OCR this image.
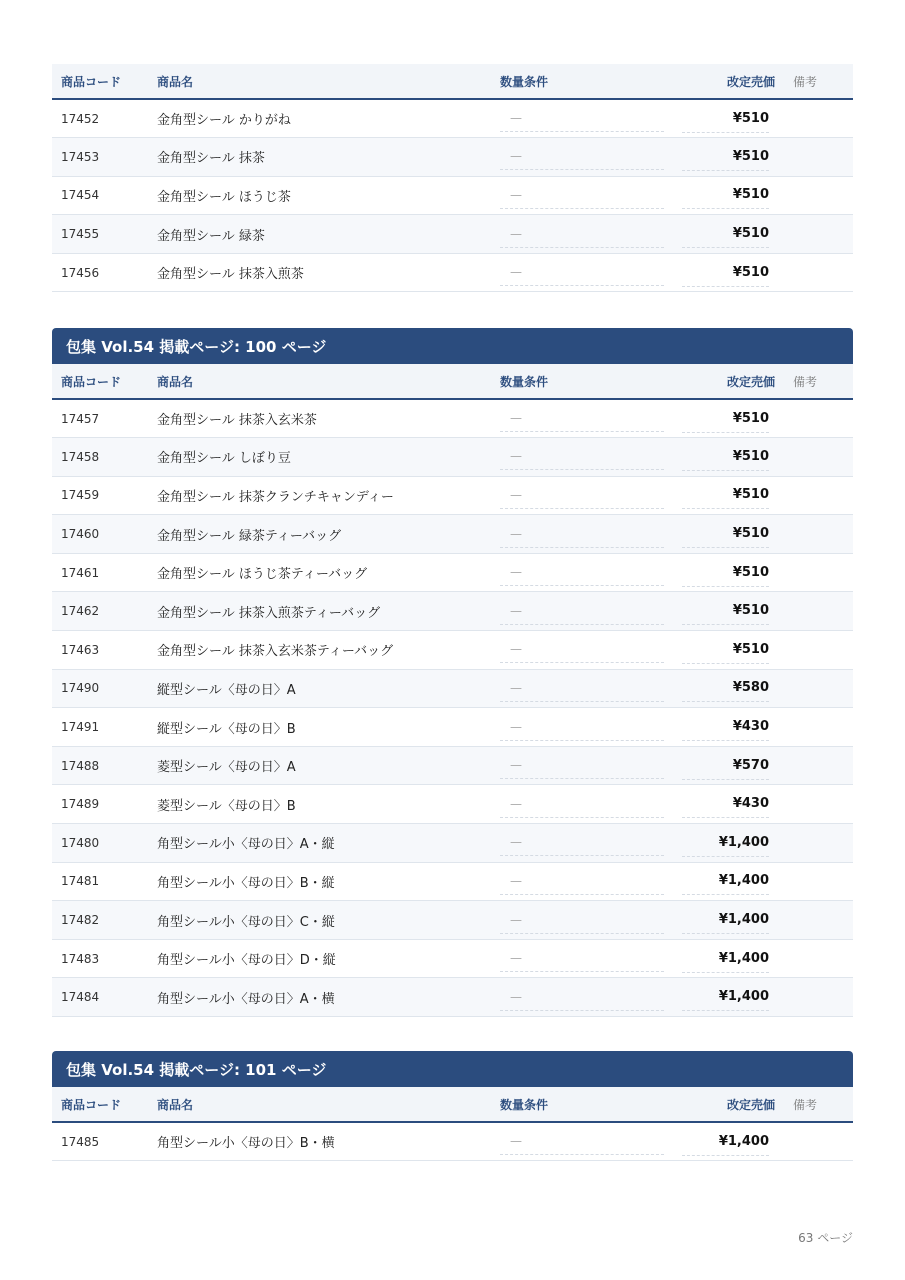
商品コード	商品名	数量条件	改定売価	備考
17452	金角型シール かりがね	—	¥510	

17453	金角型シール 抹茶	—	¥510	

17454	金角型シール ほうじ茶	—	¥510	

17455	金角型シール 緑茶	—	¥510	

17456	金角型シール 抹茶入煎茶	—	¥510	

包集 Vol.54 掲載ページ: 100 ページ
商品コード	商品名	数量条件	改定売価	備考
17457	金角型シール 抹茶入玄米茶	—	¥510	

17458	金角型シール しぼり豆	—	¥510	

17459	金角型シール 抹茶クランチキャンディー	—	¥510	

17460	金角型シール 緑茶ティーバッグ	—	¥510	

17461	金角型シール ほうじ茶ティーバッグ	—	¥510	

17462	金角型シール 抹茶入煎茶ティーバッグ	—	¥510	

17463	金角型シール 抹茶入玄米茶ティーバッグ	—	¥510	

17490	縦型シール〈母の日〉A	—	¥580	

17491	縦型シール〈母の日〉B	—	¥430	

17488	菱型シール〈母の日〉A	—	¥570	

17489	菱型シール〈母の日〉B	—	¥430	

17480	角型シール小〈母の日〉A・縦	—	¥1,400	

17481	角型シール小〈母の日〉B・縦	—	¥1,400	

17482	角型シール小〈母の日〉C・縦	—	¥1,400	

17483	角型シール小〈母の日〉D・縦	—	¥1,400	

17484	角型シール小〈母の日〉A・横	—	¥1,400	

包集 Vol.54 掲載ページ: 101 ページ
商品コード	商品名	数量条件	改定売価	備考
17485	角型シール小〈母の日〉B・横	—	¥1,400	

63 ページ
